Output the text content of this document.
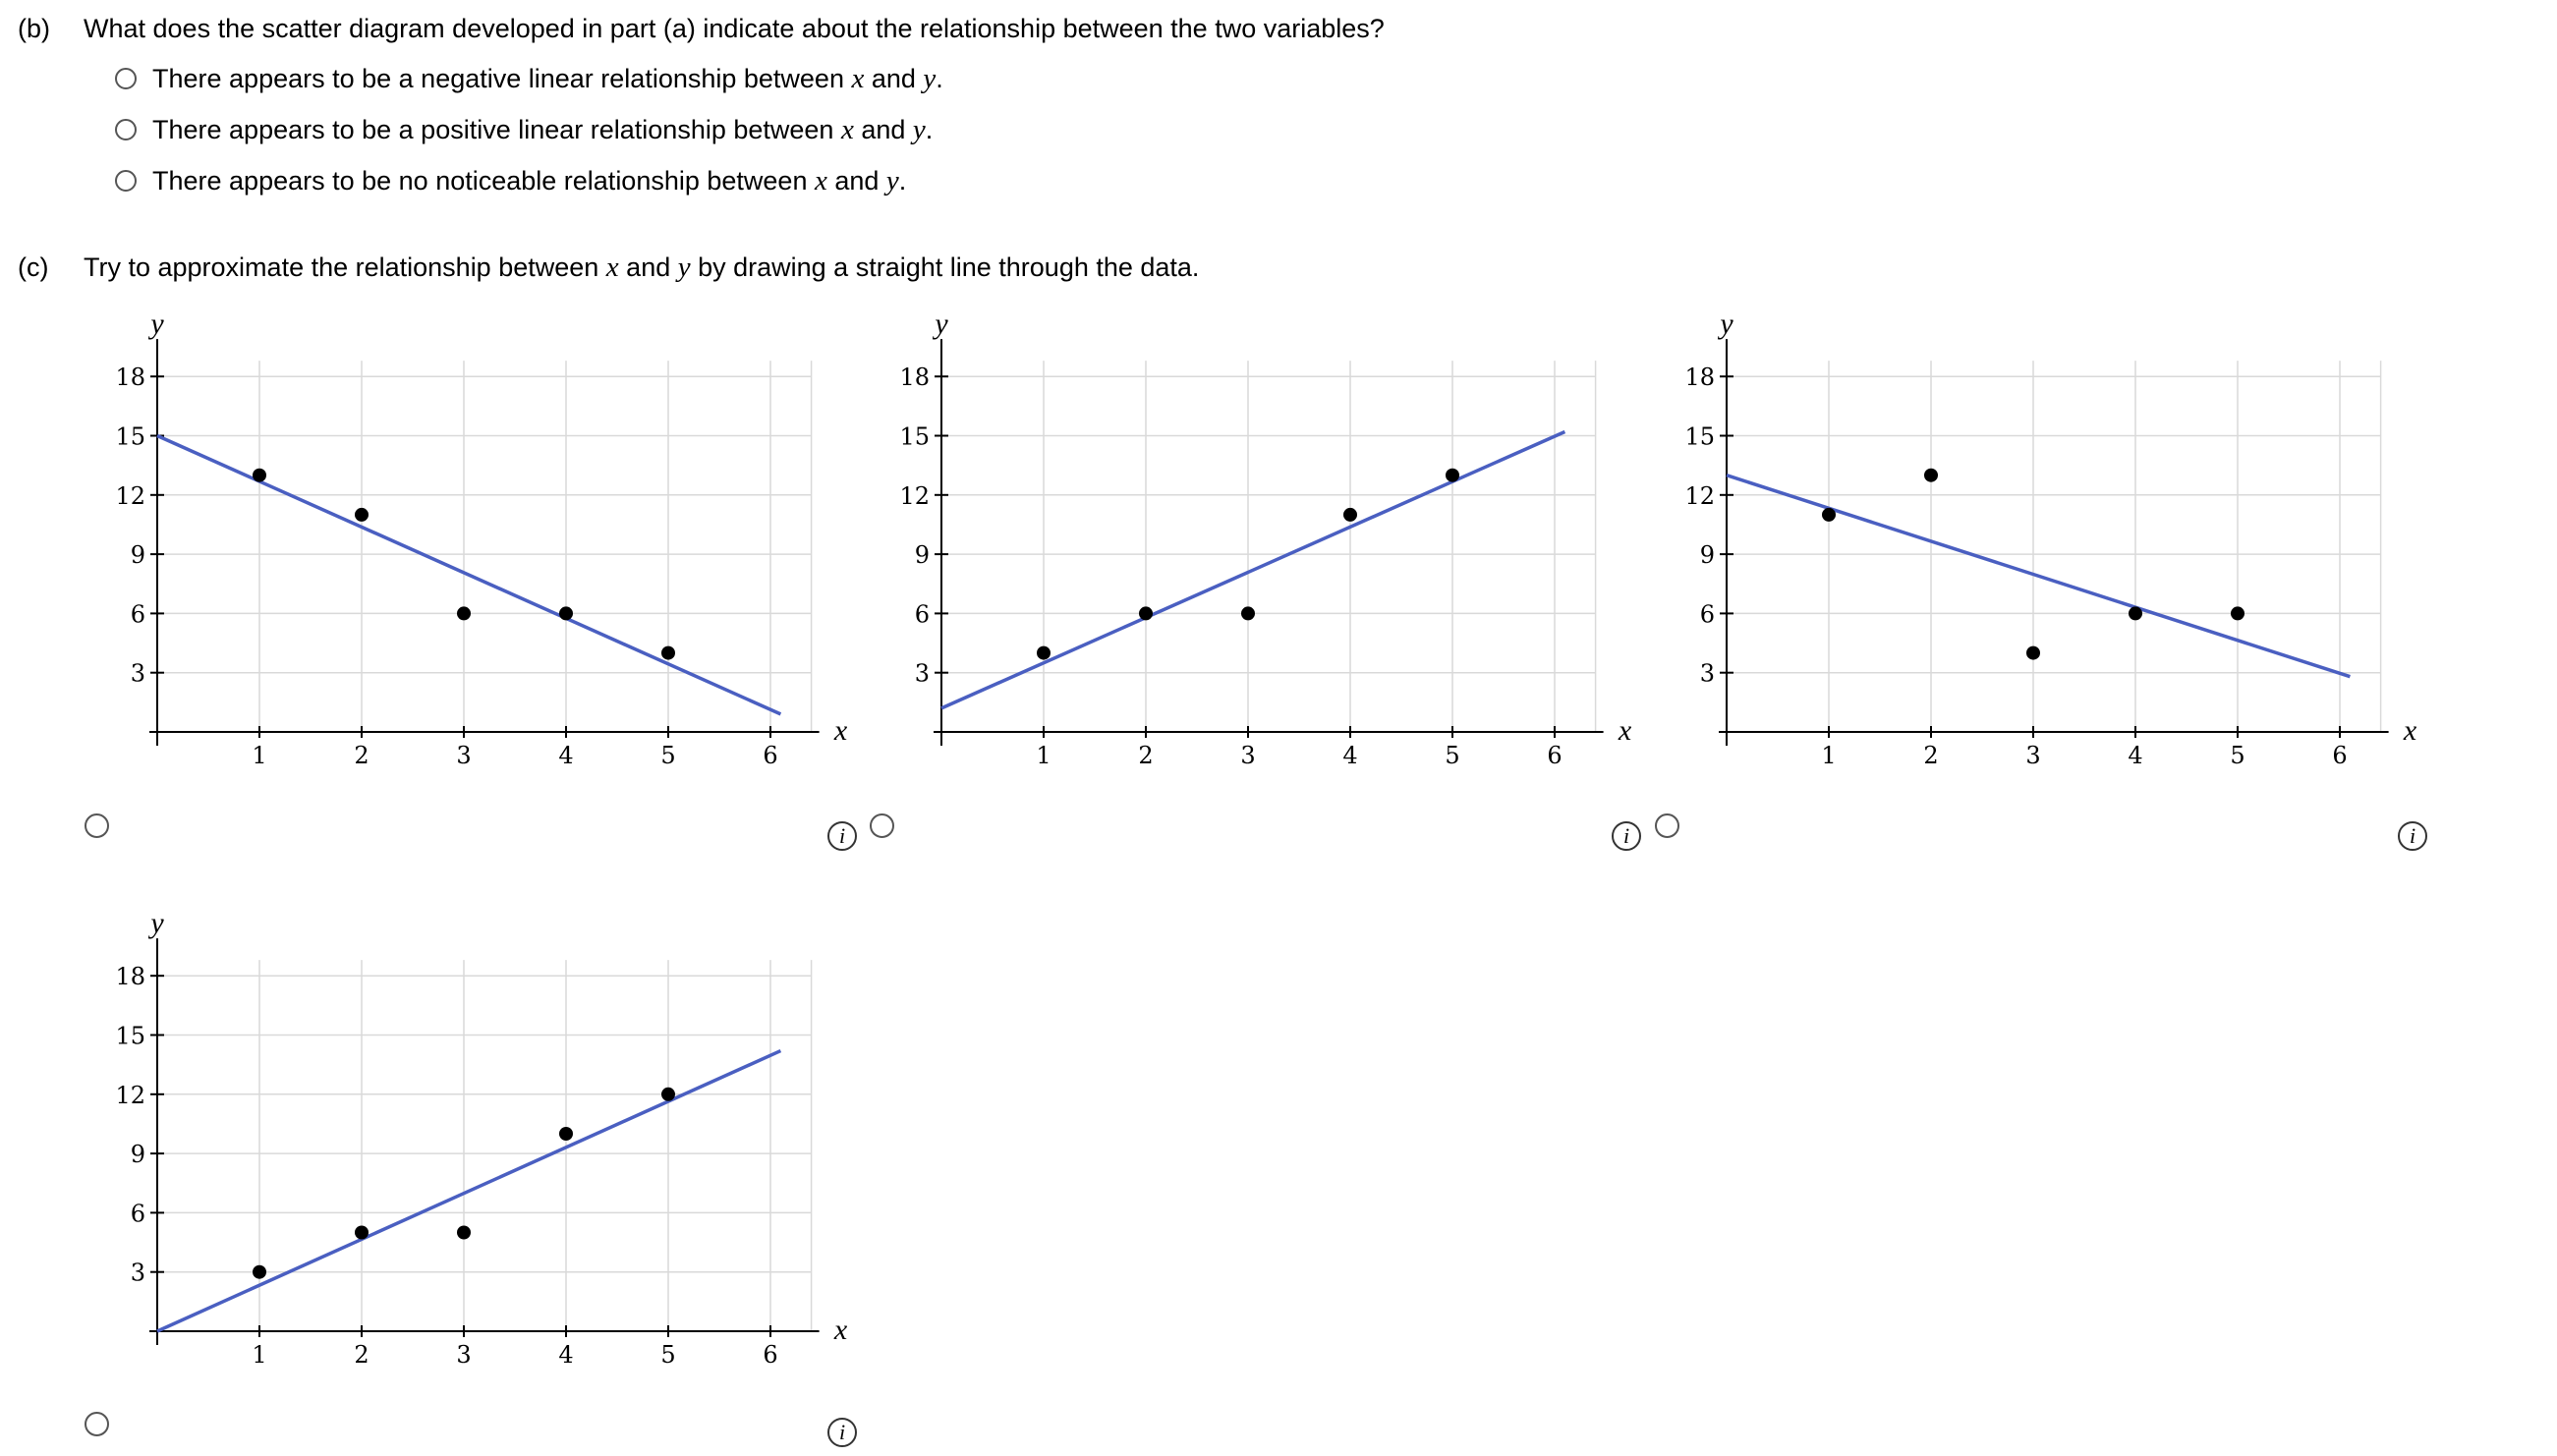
(b) What does the scatter diagram developed in part (a) indicate about the relationship between the two variables?
There appears to be a negative linear relationship between x and y.
There appears to be a positive linear relationship between x and y.
There appears to be no noticeable relationship between x and y.
(c) Try to approximate the relationship between x and y by drawing a straight line through the data.
1	2	3	4	5	6
3
6
9
12
15
18
x
y
1	2	3	4	5	6
3
6
9
12
15
18
x
y
1	2	3	4	5	6
3
6
9
12
15
18
x
y
1	2	3	4	5	6
3
6
9
12
15
18
x
y
i	i	i
i
